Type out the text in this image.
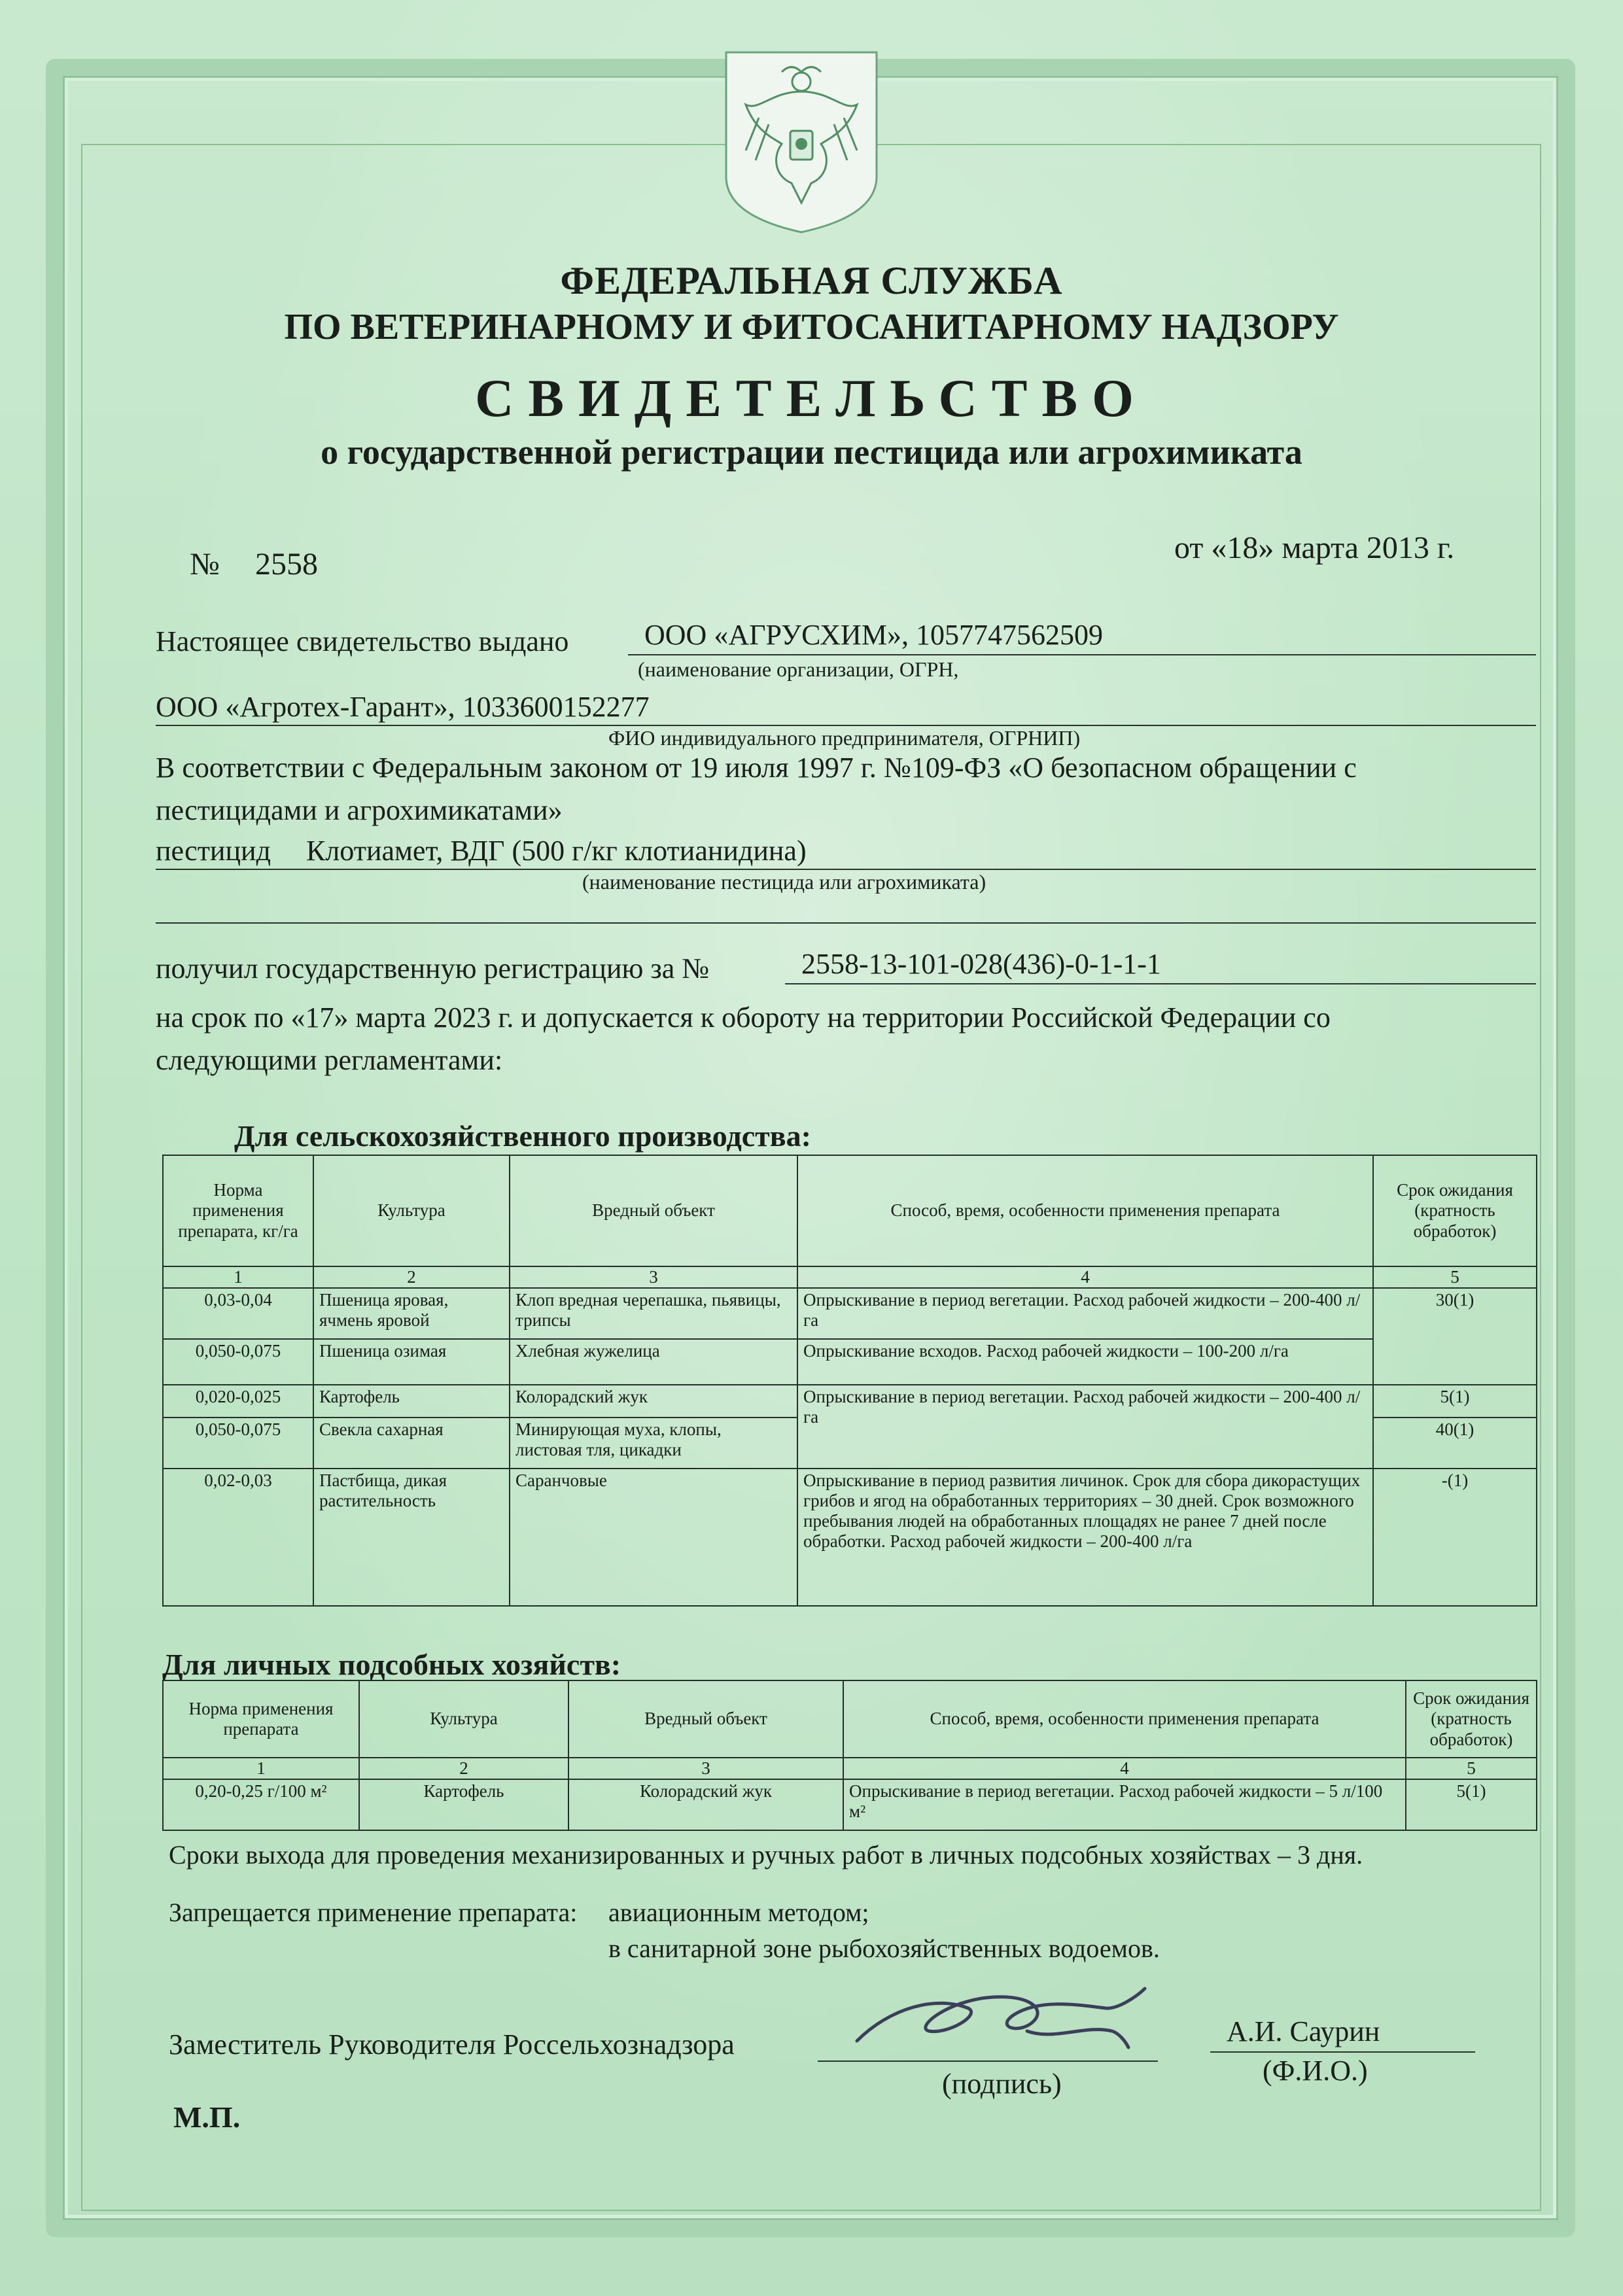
ФЕДЕРАЛЬНАЯ СЛУЖБА
ПО ВЕТЕРИНАРНОМУ И ФИТОСАНИТАРНОМУ НАДЗОРУ
СВИДЕТЕЛЬСТВО
о государственной регистрации пестицида или агрохимиката
№ 2558	от «18» марта 2013 г.
Настоящее свидетельство выдано	ООО «АГРУСХИМ», 1057747562509
(наименование организации, ОГРН,
ООО «Агротех-Гарант», 1033600152277
ФИО индивидуального предпринимателя, ОГРНИП)
В соответствии с Федеральным законом от 19 июля 1997 г. №109-ФЗ «О безопасном обращении с
пестицидами и агрохимикатами»
пестицид Клотиамет, ВДГ (500 г/кг клотианидина)
(наименование пестицида или агрохимиката)
получил государственную регистрацию за №	2558-13-101-028(436)-0-1-1-1
на срок по «17» марта 2023 г. и допускается к обороту на территории Российской Федерации со
следующими регламентами:
Для сельскохозяйственного производства:
Норма применения препарата, кг/га	Культура	Вредный объект	Способ, время, особенности применения препарата	Срок ожидания (кратность обработок)
1	2	3	4	5
0,03-0,04	Пшеница яровая, ячмень яровой	Клоп вредная черепашка, пьявицы, трипсы	Опрыскивание в период вегетации. Расход рабочей жидкости – 200-400 л/га	30(1)
0,050-0,075	Пшеница озимая	Хлебная жужелица	Опрыскивание всходов. Расход рабочей жидкости – 100-200 л/га	
0,020-0,025	Картофель	Колорадский жук	Опрыскивание в период вегетации. Расход рабочей жидкости – 200-400 л/га	5(1)
0,050-0,075	Свекла сахарная	Минирующая муха, клопы, листовая тля, цикадки		40(1)
0,02-0,03	Пастбища, дикая растительность	Саранчовые	Опрыскивание в период развития личинок. Срок для сбора дикорастущих грибов и ягод на обработанных территориях – 30 дней. Срок возможного пребывания людей на обработанных площадях не ранее 7 дней после обработки. Расход рабочей жидкости – 200-400 л/га	-(1)
Для личных подсобных хозяйств:
Норма применения препарата	Культура	Вредный объект	Способ, время, особенности применения препарата	Срок ожидания (кратность обработок)
1	2	3	4	5
0,20-0,25 г/100 м²	Картофель	Колорадский жук	Опрыскивание в период вегетации. Расход рабочей жидкости – 5 л/100 м²	5(1)
Сроки выхода для проведения механизированных и ручных работ в личных подсобных хозяйствах – 3 дня.
Запрещается применение препарата: авиационным методом;
в санитарной зоне рыбохозяйственных водоемов.
Заместитель Руководителя Россельхознадзора
(подпись)
А.И. Саурин
(Ф.И.О.)
М.П.
